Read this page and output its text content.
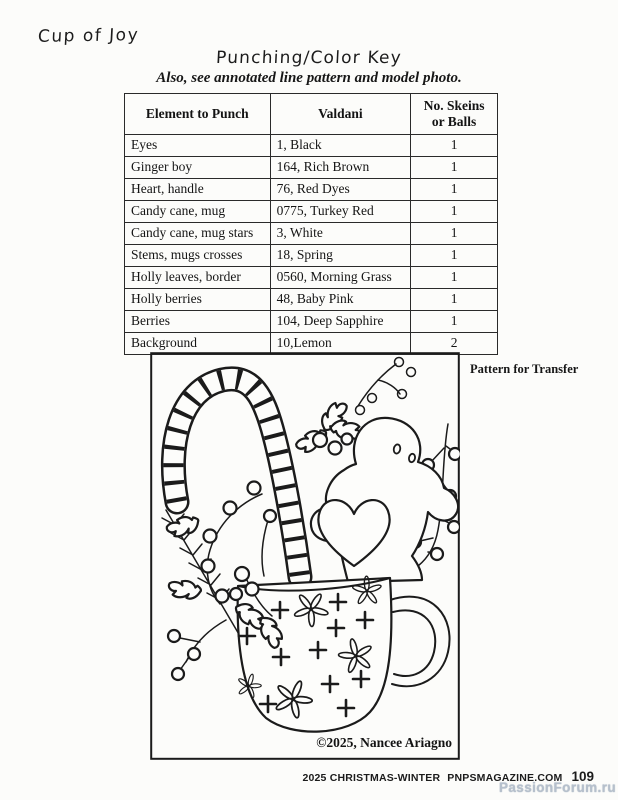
Cup of Joy
Punching/Color Key
Also, see annotated line pattern and model photo.
Element to Punch	Valdani	No. Skeins or Balls
Eyes	1, Black	1
Ginger boy	164, Rich Brown	1
Heart, handle	76, Red Dyes	1
Candy cane, mug	0775, Turkey Red	1
Candy cane, mug stars	3, White	1
Stems, mugs crosses	18, Spring	1
Holly leaves, border	0560, Morning Grass	1
Holly berries	48, Baby Pink	1
Berries	104, Deep Sapphire	1
Background	10,Lemon	2
Pattern for Transfer
©2025, Nancee Ariagno
2025 CHRISTMAS-WINTER PNPSMAGAZINE.COM 109
PassionForum.ru
